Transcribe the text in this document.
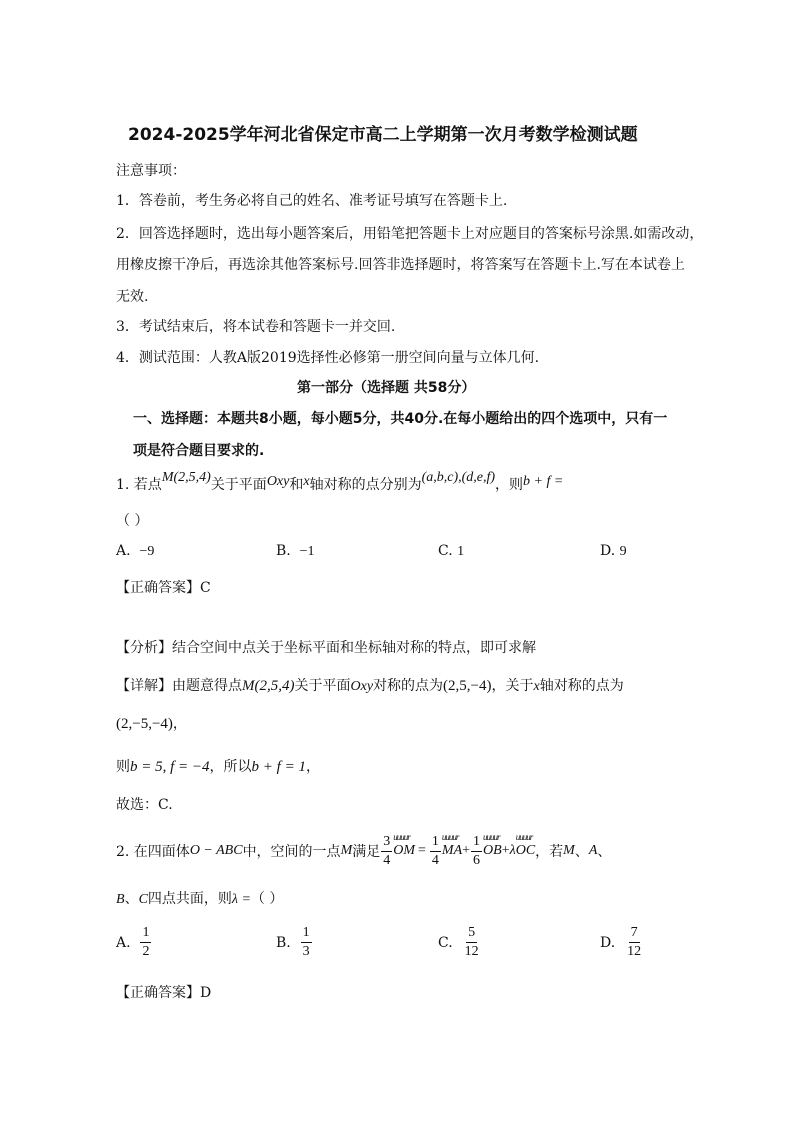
2024-2025学年河北省保定市高二上学期第一次月考数学检测试题
注意事项：
1．答卷前，考生务必将自己的姓名、准考证号填写在答题卡上.
2．回答选择题时，选出每小题答案后，用铅笔把答题卡上对应题目的答案标号涂黑.如需改动，
用橡皮擦干净后，再选涂其他答案标号.回答非选择题时，将答案写在答题卡上.写在本试卷上
无效.
3．考试结束后，将本试卷和答题卡一并交回.
4．测试范围：人教A版2019选择性必修第一册空间向量与立体几何.
第一部分（选择题 共58分）
一、选择题：本题共8小题，每小题5分，共40分.在每小题给出的四个选项中，只有一
项是符合题目要求的.
1. 若点M(2,5,4)关于平面Oxy和x轴对称的点分别为(a,b,c),(d,e,f)，则b + f =
（ ）
A. −9	B. −1	C. 1	D. 9
【正确答案】C
【分析】结合空间中点关于坐标平面和坐标轴对称的特点，即可求解
【详解】由题意得点M(2,5,4)关于平面Oxy对称的点为(2,5,−4)，关于x轴对称的点为
(2,−5,−4)，
则b = 5, f = −4，所以b + f = 1，
故选：C.
2. 在四面体 O − ABC 中，空间的一点 M 满足 $\frac{3}{4}$ uuuur
OM = $\frac{1}{4}$ uuuur
MA + $\frac{1}{6}$ uuuur
OB + λ
uuuur
OC ，若 M 、 A 、
B、C四点共面，则λ =（ ）
A.
$\frac{1}{2}$	B.
$\frac{1}{3}$	C.
$\frac{5}{12}$	D.
$\frac{7}{12}$
【正确答案】D
